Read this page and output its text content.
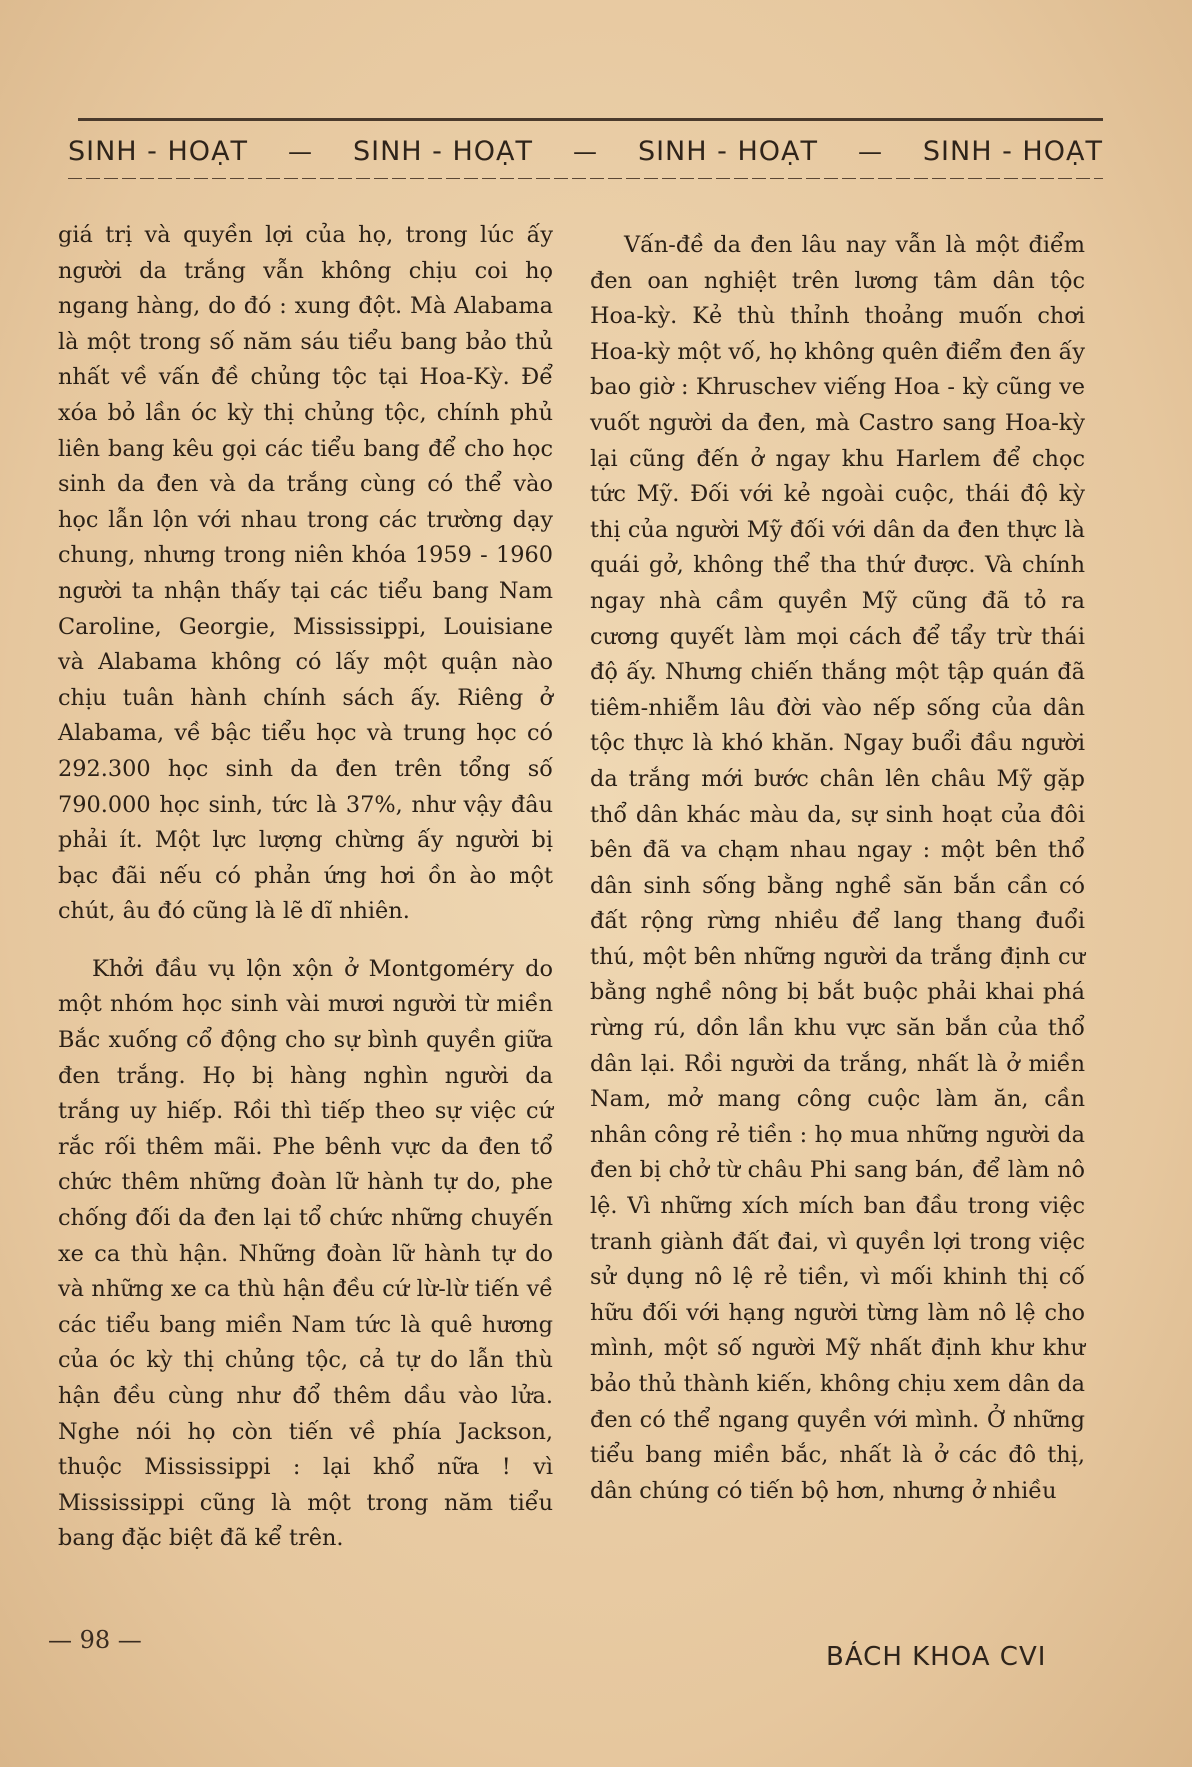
SINH - HOẠT — SINH - HOẠT — SINH - HOẠT — SINH - HOẠT

giá trị và quyền lợi của họ, trong lúc ấy người da trắng vẫn không chịu coi họ ngang hàng, do đó : xung đột. Mà Alabama là một trong số năm sáu tiểu bang bảo thủ nhất về vấn đề chủng tộc tại Hoa-Kỳ. Để xóa bỏ lần óc kỳ thị chủng tộc, chính phủ liên bang kêu gọi các tiểu bang để cho học sinh da đen và da trắng cùng có thể vào học lẫn lộn với nhau trong các trường dạy chung, nhưng trong niên khóa 1959 - 1960 người ta nhận thấy tại các tiểu bang Nam Caroline, Georgie, Mississippi, Louisiane và Alabama không có lấy một quận nào chịu tuân hành chính sách ấy. Riêng ở Alabama, về bậc tiểu học và trung học có 292.300 học sinh da đen trên tổng số 790.000 học sinh, tức là 37%, như vậy đâu phải ít. Một lực lượng chừng ấy người bị bạc đãi nếu có phản ứng hơi ồn ào một chút, âu đó cũng là lẽ dĩ nhiên.

Khởi đầu vụ lộn xộn ở Montgoméry do một nhóm học sinh vài mươi người từ miền Bắc xuống cổ động cho sự bình quyền giữa đen trắng. Họ bị hàng nghìn người da trắng uy hiếp. Rồi thì tiếp theo sự việc cứ rắc rối thêm mãi. Phe bênh vực da đen tổ chức thêm những đoàn lữ hành tự do, phe chống đối da đen lại tổ chức những chuyến xe ca thù hận. Những đoàn lữ hành tự do và những xe ca thù hận đều cứ lừ-lừ tiến về các tiểu bang miền Nam tức là quê hương của óc kỳ thị chủng tộc, cả tự do lẫn thù hận đều cùng như đổ thêm dầu vào lửa. Nghe nói họ còn tiến về phía Jackson, thuộc Mississippi : lại khổ nữa ! vì Mississippi cũng là một trong năm tiểu bang đặc biệt đã kể trên.

Vấn-đề da đen lâu nay vẫn là một điểm đen oan nghiệt trên lương tâm dân tộc Hoa-kỳ. Kẻ thù thỉnh thoảng muốn chơi Hoa-kỳ một vố, họ không quên điểm đen ấy bao giờ : Khruschev viếng Hoa - kỳ cũng ve vuốt người da đen, mà Castro sang Hoa-kỳ lại cũng đến ở ngay khu Harlem để chọc tức Mỹ. Đối với kẻ ngoài cuộc, thái độ kỳ thị của người Mỹ đối với dân da đen thực là quái gở, không thể tha thứ được. Và chính ngay nhà cầm quyền Mỹ cũng đã tỏ ra cương quyết làm mọi cách để tẩy trừ thái độ ấy. Nhưng chiến thắng một tập quán đã tiêm-nhiễm lâu đời vào nếp sống của dân tộc thực là khó khăn. Ngay buổi đầu người da trắng mới bước chân lên châu Mỹ gặp thổ dân khác màu da, sự sinh hoạt của đôi bên đã va chạm nhau ngay : một bên thổ dân sinh sống bằng nghề săn bắn cần có đất rộng rừng nhiều để lang thang đuổi thú, một bên những người da trắng định cư bằng nghề nông bị bắt buộc phải khai phá rừng rú, dồn lần khu vực săn bắn của thổ dân lại. Rồi người da trắng, nhất là ở miền Nam, mở mang công cuộc làm ăn, cần nhân công rẻ tiền : họ mua những người da đen bị chở từ châu Phi sang bán, để làm nô lệ. Vì những xích mích ban đầu trong việc tranh giành đất đai, vì quyền lợi trong việc sử dụng nô lệ rẻ tiền, vì mối khinh thị cố hữu đối với hạng người từng làm nô lệ cho mình, một số người Mỹ nhất định khư khư bảo thủ thành kiến, không chịu xem dân da đen có thể ngang quyền với mình. Ở những tiểu bang miền bắc, nhất là ở các đô thị, dân chúng có tiến bộ hơn, nhưng ở nhiều

— 98 —
BÁCH KHOA CVI
